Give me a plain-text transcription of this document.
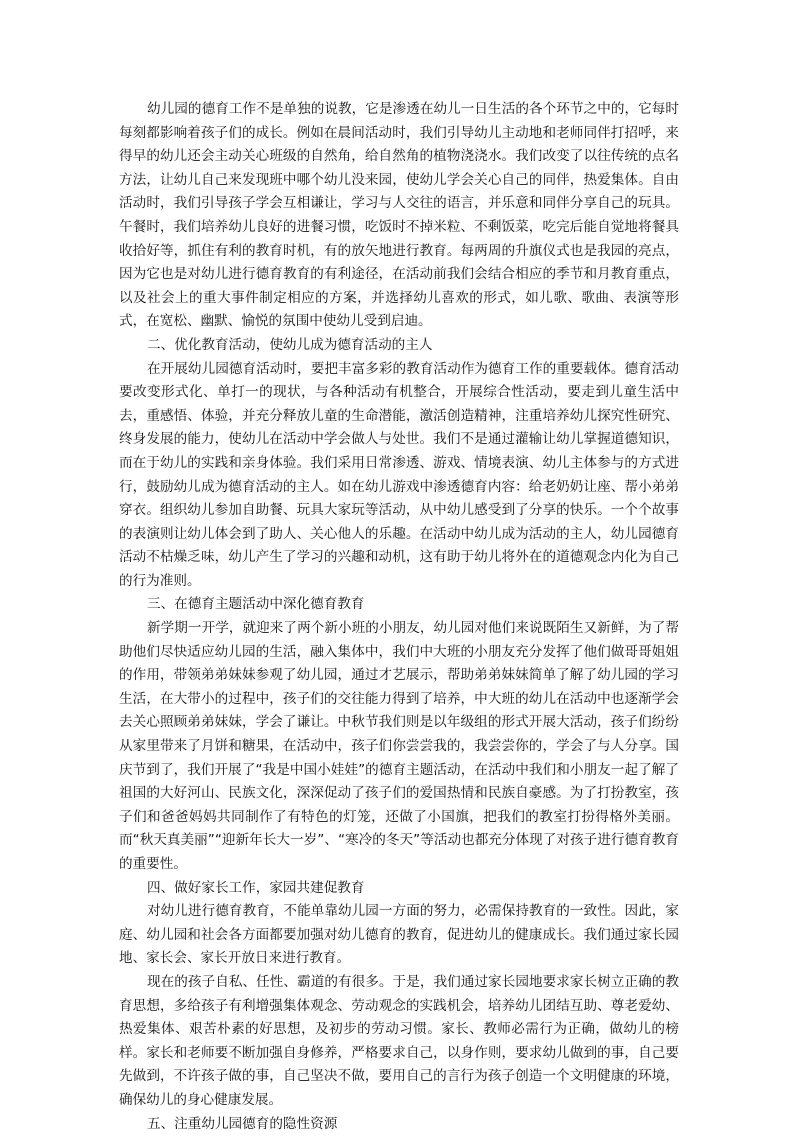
幼儿园的德育工作不是单独的说教，它是渗透在幼儿一日生活的各个环节之中的，它每时每刻都影响着孩子们的成长。例如在晨间活动时，我们引导幼儿主动地和老师同伴打招呼，来得早的幼儿还会主动关心班级的自然角，给自然角的植物浇浇水。我们改变了以往传统的点名方法，让幼儿自己来发现班中哪个幼儿没来园，使幼儿学会关心自己的同伴，热爱集体。自由活动时，我们引导孩子学会互相谦让，学习与人交往的语言，并乐意和同伴分享自己的玩具。午餐时，我们培养幼儿良好的进餐习惯，吃饭时不掉米粒、不剩饭菜，吃完后能自觉地将餐具收拾好等，抓住有利的教育时机，有的放矢地进行教育。每两周的升旗仪式也是我园的亮点，因为它也是对幼儿进行德育教育的有利途径，在活动前我们会结合相应的季节和月教育重点，以及社会上的重大事件制定相应的方案，并选择幼儿喜欢的形式，如儿歌、歌曲、表演等形式，在宽松、幽默、愉悦的氛围中使幼儿受到启迪。

二、优化教育活动，使幼儿成为德育活动的主人

在开展幼儿园德育活动时，要把丰富多彩的教育活动作为德育工作的重要载体。德育活动要改变形式化、单打一的现状，与各种活动有机整合，开展综合性活动，要走到儿童生活中去，重感悟、体验，并充分释放儿童的生命潜能，激活创造精神，注重培养幼儿探究性研究、终身发展的能力，使幼儿在活动中学会做人与处世。我们不是通过灌输让幼儿掌握道德知识，而在于幼儿的实践和亲身体验。我们采用日常渗透、游戏、情境表演、幼儿主体参与的方式进行，鼓励幼儿成为德育活动的主人。如在幼儿游戏中渗透德育内容：给老奶奶让座、帮小弟弟穿衣。组织幼儿参加自助餐、玩具大家玩等活动，从中幼儿感受到了分享的快乐。一个个故事的表演则让幼儿体会到了助人、关心他人的乐趣。在活动中幼儿成为活动的主人，幼儿园德育活动不枯燥乏味，幼儿产生了学习的兴趣和动机，这有助于幼儿将外在的道德观念内化为自己的行为准则。

三、在德育主题活动中深化德育教育

新学期一开学，就迎来了两个新小班的小朋友，幼儿园对他们来说既陌生又新鲜，为了帮助他们尽快适应幼儿园的生活，融入集体中，我们中大班的小朋友充分发挥了他们做哥哥姐姐的作用，带领弟弟妹妹参观了幼儿园，通过才艺展示，帮助弟弟妹妹简单了解了幼儿园的学习生活，在大带小的过程中，孩子们的交往能力得到了培养，中大班的幼儿在活动中也逐渐学会去关心照顾弟弟妹妹，学会了谦让。中秋节我们则是以年级组的形式开展大活动，孩子们纷纷从家里带来了月饼和糖果，在活动中，孩子们你尝尝我的，我尝尝你的，学会了与人分享。国庆节到了，我们开展了“我是中国小娃娃”的德育主题活动，在活动中我们和小朋友一起了解了祖国的大好河山、民族文化，深深促动了孩子们的爱国热情和民族自豪感。为了打扮教室，孩子们和爸爸妈妈共同制作了有特色的灯笼，还做了小国旗，把我们的教室打扮得格外美丽。而“秋天真美丽”“迎新年长大一岁”、“寒冷的冬天”等活动也都充分体现了对孩子进行德育教育的重要性。

四、做好家长工作，家园共建促教育

对幼儿进行德育教育，不能单靠幼儿园一方面的努力，必需保持教育的一致性。因此，家庭、幼儿园和社会各方面都要加强对幼儿德育的教育，促进幼儿的健康成长。我们通过家长园地、家长会、家长开放日来进行教育。

现在的孩子自私、任性、霸道的有很多。于是，我们通过家长园地要求家长树立正确的教育思想，多给孩子有利增强集体观念、劳动观念的实践机会，培养幼儿团结互助、尊老爱幼、热爱集体、艰苦朴素的好思想，及初步的劳动习惯。家长、教师必需行为正确，做幼儿的榜样。家长和老师要不断加强自身修养，严格要求自己，以身作则，要求幼儿做到的事，自己要先做到，不许孩子做的事，自己坚决不做，要用自己的言行为孩子创造一个文明健康的环境，确保幼儿的身心健康发展。

五、注重幼儿园德育的隐性资源
